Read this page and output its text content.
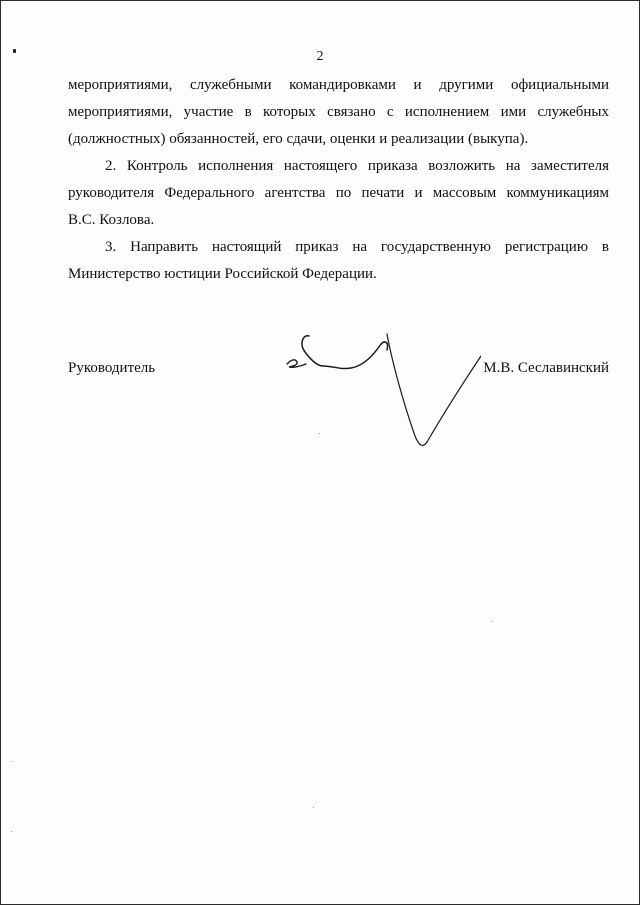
2

мероприятиями, служебными командировками и другими официальными

мероприятиями, участие в которых связано с исполнением ими служебных

(должностных) обязанностей, его сдачи, оценки и реализации (выкупа).

2. Контроль исполнения настоящего приказа возложить на заместителя

руководителя Федерального агентства по печати и массовым коммуникациям

В.С. Козлова.

3. Направить настоящий приказ на государственную регистрацию в

Министерство юстиции Российской Федерации.

Руководитель	М.В. Сеславинский
